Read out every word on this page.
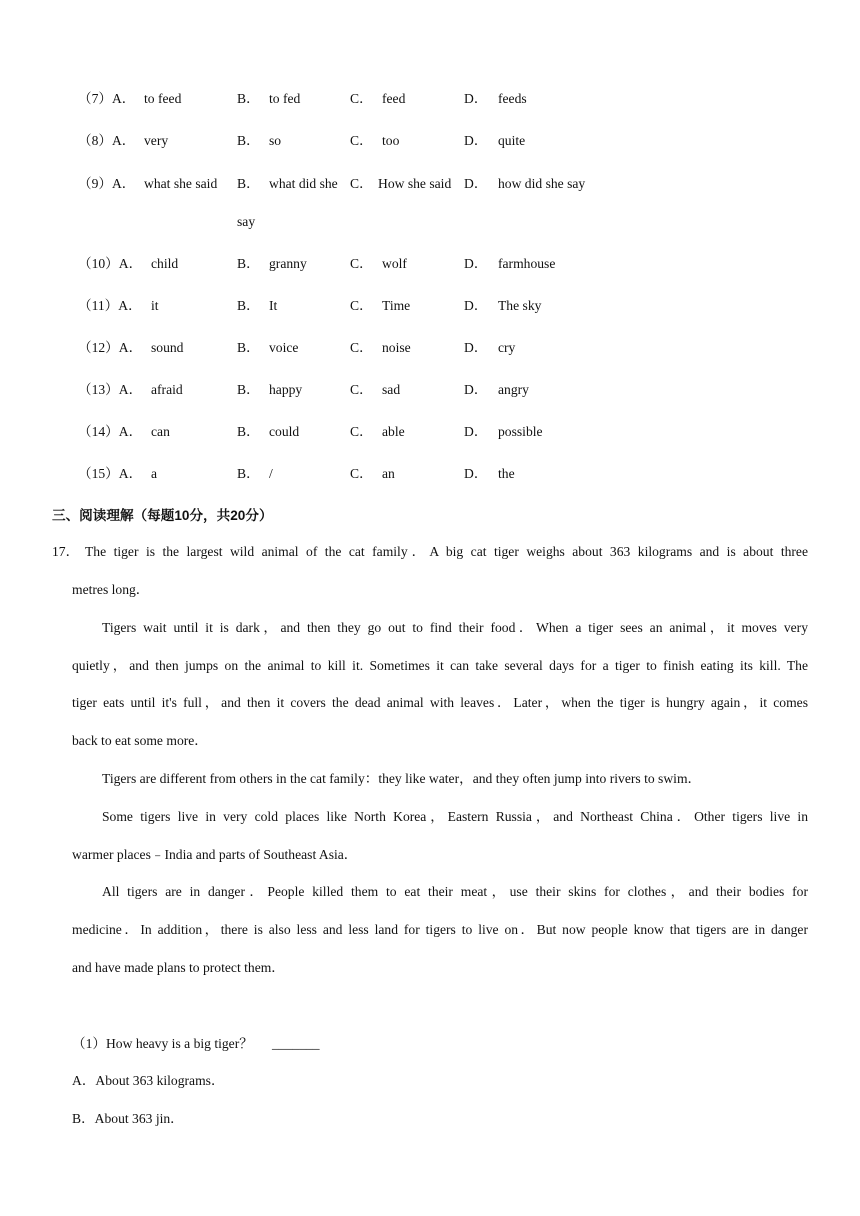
（7）A． to feed	B． to fed	C． feed	D． feeds
（8）A． very	B． so	C． too	D． quite
（9）A． what she said B． what did she C． How she said D． how did she say
say
（10）A． child	B． granny	C． wolf	D． farmhouse
（11）A． it	B． It	C． Time	D． The sky
（12）A． sound	B． voice	C． noise	D． cry
（13）A． afraid	B． happy	C． sad	D． angry
（14）A． can	B． could	C． able	D． possible
（15）A． a	B． /	C． an	D． the
三、阅读理解（每题10分，共20分）
17． The tiger is the largest wild animal of the cat family．A big cat tiger weighs about 363 kilograms and is about three
metres long．
Tigers wait until it is dark，and then they go out to find their food．When a tiger sees an animal，it moves very
quietly，and then jumps on the animal to kill it. Sometimes it can take several days for a tiger to finish eating its kill. The
tiger eats until it's full，and then it covers the dead animal with leaves．Later，when the tiger is hungry again，it comes
back to eat some more．
Tigers are different from others in the cat family：they like water，and they often jump into rivers to swim．
Some tigers live in very cold places like North Korea，Eastern Russia，and Northeast China．Other tigers live in
warmer places﹣India and parts of Southeast Asia．
All tigers are in danger．People killed them to eat their meat，use their skins for clothes，and their bodies for
medicine．In addition，there is also less and less land for tigers to live on．But now people know that tigers are in danger
and have made plans to protect them．
（1）How heavy is a big tiger？ _______
A．About 363 kilograms．
B．About 363 jin．
